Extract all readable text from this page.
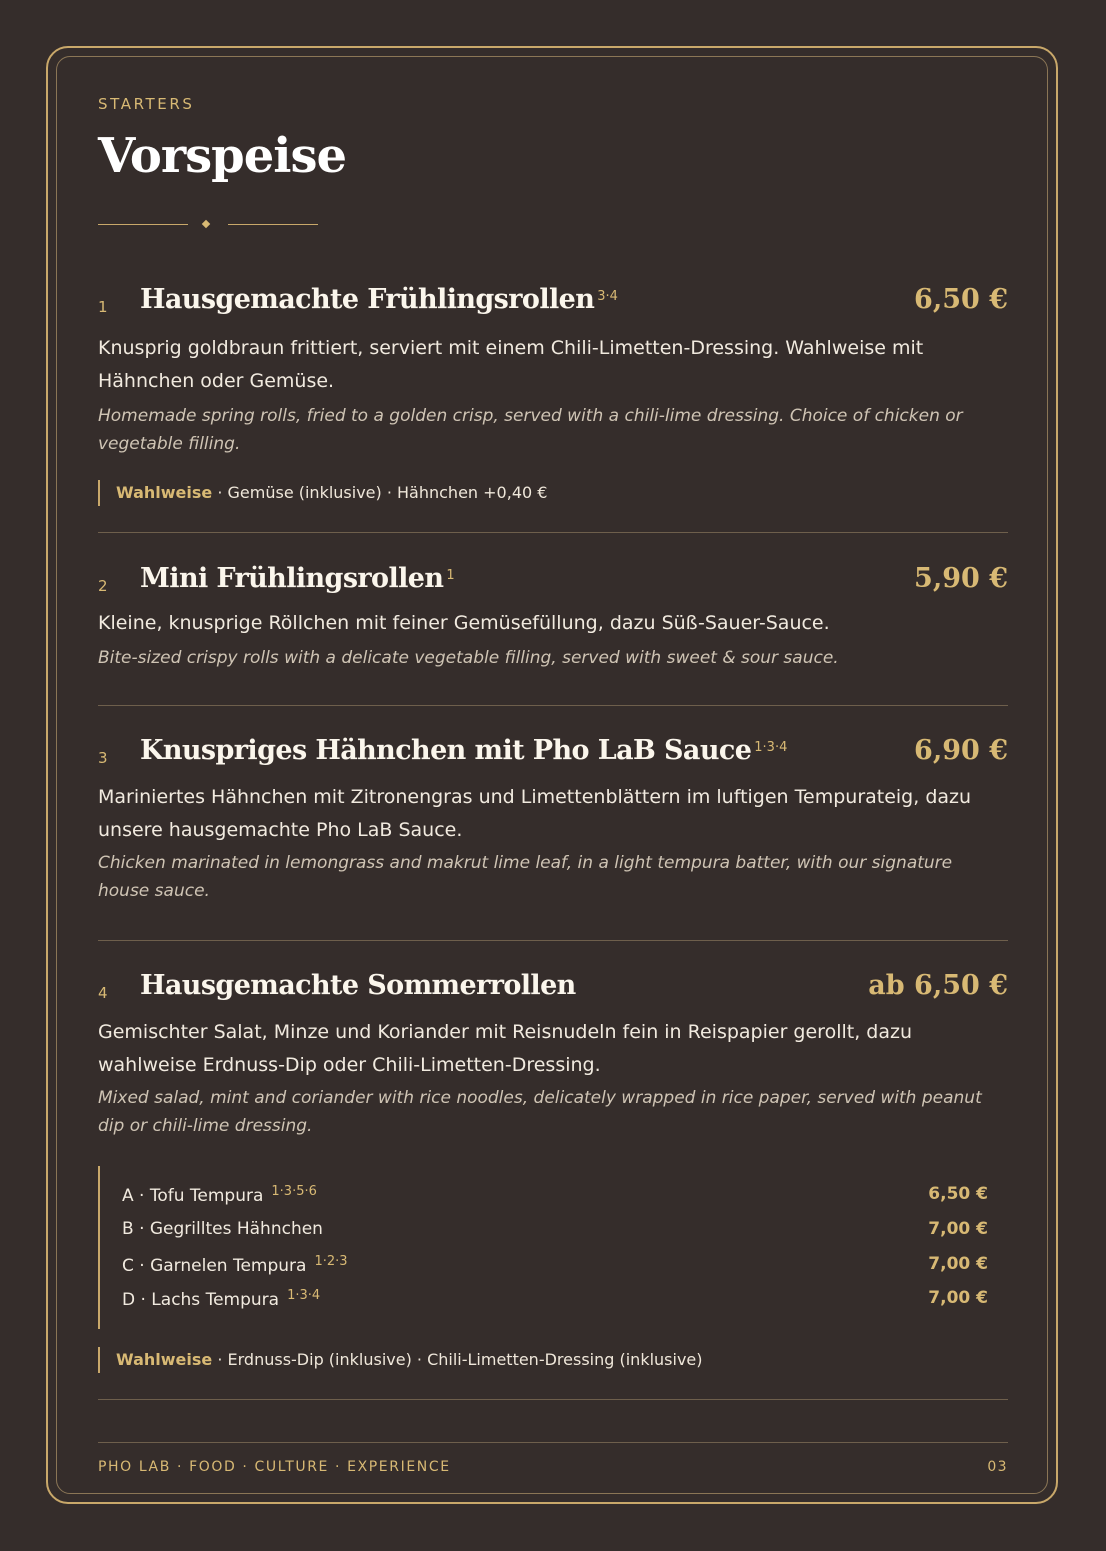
STARTERS
Vorspeise
1 Hausgemachte Frühlingsrollen $^{3\cdot 4}$	6,50 €

Knusprig goldbraun frittiert, serviert mit einem Chili-Limetten-Dressing. Wahlweise mit Hähnchen oder Gemüse.

Homemade spring rolls, fried to a golden crisp, served with a chili-lime dressing. Choice of chicken or vegetable filling.

Wahlweise · Gemüse (inklusive) · Hähnchen +0,40 €
2 Mini Frühlingsrollen $^1$	5,90 €

Kleine, knusprige Röllchen mit feiner Gemüsefüllung, dazu Süß-Sauer-Sauce.

Bite-sized crispy rolls with a delicate vegetable filling, served with sweet & sour sauce.

3 Knuspriges Hähnchen mit Pho LaB Sauce $^{1\cdot 3\cdot 4}$	6,90 €

Mariniertes Hähnchen mit Zitronengras und Limettenblättern im luftigen Tempurateig, dazu unsere hausgemachte Pho LaB Sauce.

Chicken marinated in lemongrass and makrut lime leaf, in a light tempura batter, with our signature house sauce.

4 Hausgemachte Sommerrollen	ab 6,50 €

Gemischter Salat, Minze und Koriander mit Reisnudeln fein in Reispapier gerollt, dazu wahlweise Erdnuss-Dip oder Chili-Limetten-Dressing.

Mixed salad, mint and coriander with rice noodles, delicately wrapped in rice paper, served with peanut dip or chili-lime dressing.

A · Tofu Tempura $^{1\cdot 3\cdot 5\cdot 6}$	6,50 €
B · Gegrilltes Hähnchen	7,00 €
C · Garnelen Tempura $^{1\cdot 2\cdot 3}$	7,00 €
D · Lachs Tempura $^{1\cdot 3\cdot 4}$	7,00 €
Wahlweise · Erdnuss-Dip (inklusive) · Chili-Limetten-Dressing (inklusive)
PHO LAB · FOOD · CULTURE · EXPERIENCE	03
